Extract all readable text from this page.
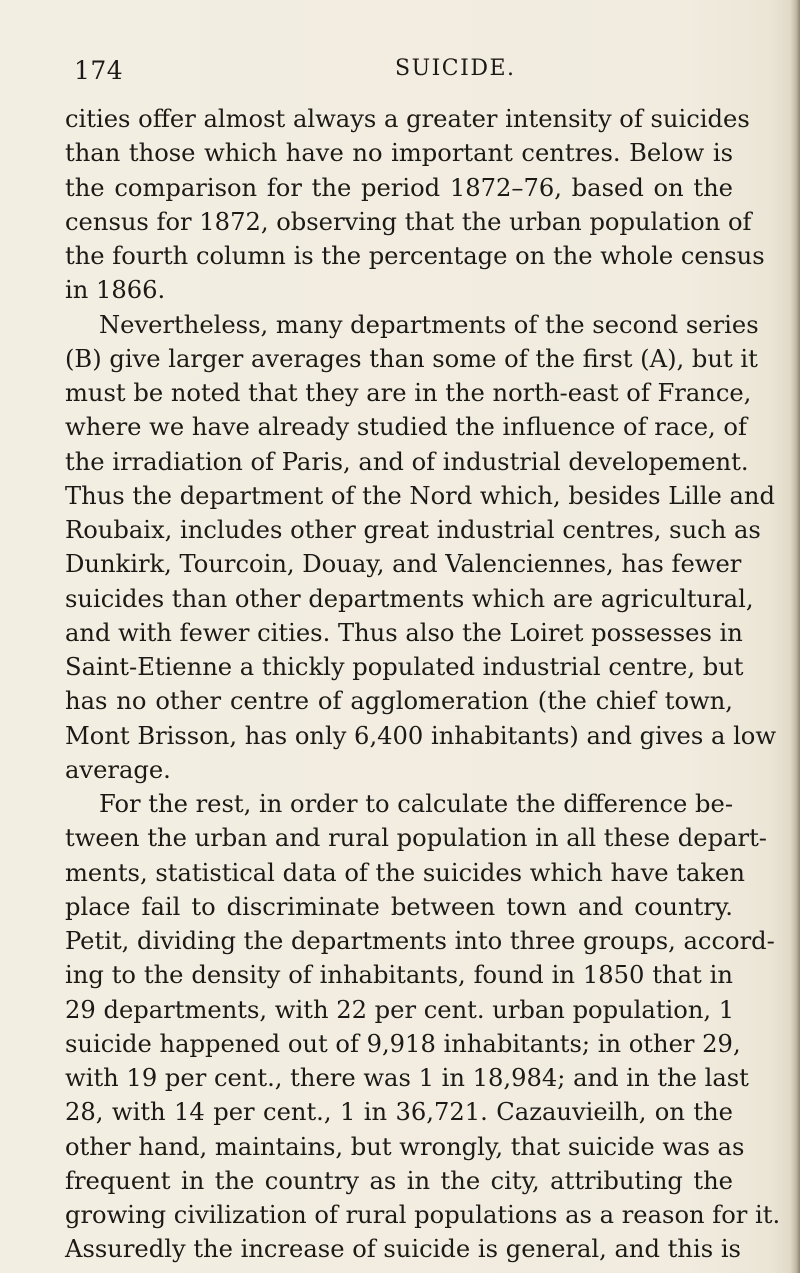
174	SUICIDE.
cities offer almost always a greater intensity of suicides
than those which have no important centres. Below is
the comparison for the period 1872–76, based on the
census for 1872, observing that the urban population of
the fourth column is the percentage on the whole census
in 1866.
Nevertheless, many departments of the second series
(B) give larger averages than some of the first (A), but it
must be noted that they are in the north-east of France,
where we have already studied the influence of race, of
the irradiation of Paris, and of industrial developement.
Thus the department of the Nord which, besides Lille and
Roubaix, includes other great industrial centres, such as
Dunkirk, Tourcoin, Douay, and Valenciennes, has fewer
suicides than other departments which are agricultural,
and with fewer cities. Thus also the Loiret possesses in
Saint-Etienne a thickly populated industrial centre, but
has no other centre of agglomeration (the chief town,
Mont Brisson, has only 6,400 inhabitants) and gives a low
average.
For the rest, in order to calculate the difference be-
tween the urban and rural population in all these depart-
ments, statistical data of the suicides which have taken
place fail to discriminate between town and country.
Petit, dividing the departments into three groups, accord-
ing to the density of inhabitants, found in 1850 that in
29 departments, with 22 per cent. urban population, 1
suicide happened out of 9,918 inhabitants; in other 29,
with 19 per cent., there was 1 in 18,984; and in the last
28, with 14 per cent., 1 in 36,721. Cazauvieilh, on the
other hand, maintains, but wrongly, that suicide was as
frequent in the country as in the city, attributing the
growing civilization of rural populations as a reason for it.
Assuredly the increase of suicide is general, and this is
